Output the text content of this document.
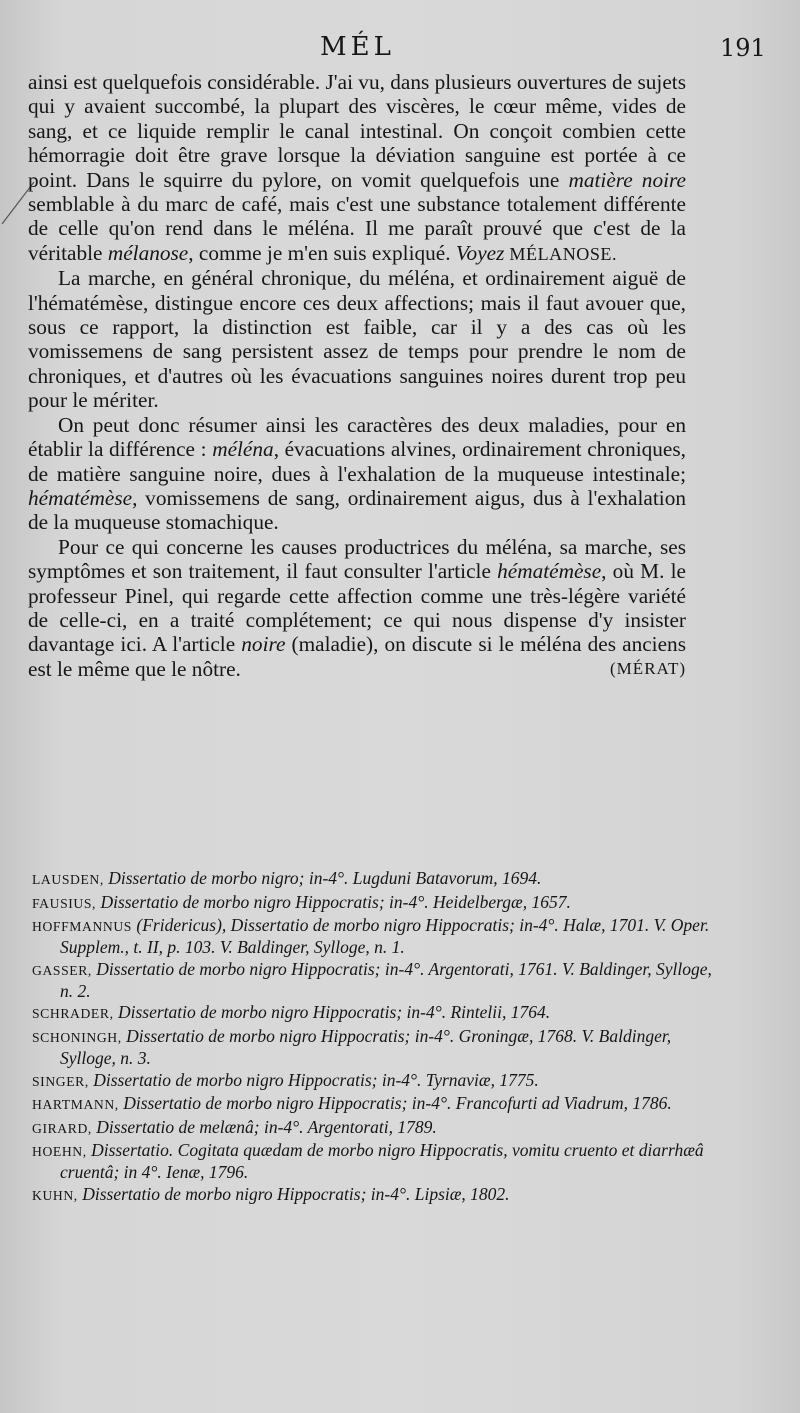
MÉL	191

ainsi est quelquefois considérable. J'ai vu, dans plusieurs ouvertures de sujets qui y avaient succombé, la plupart des viscères, le cœur même, vides de sang, et ce liquide remplir le canal intestinal. On conçoit combien cette hémorragie doit être grave lorsque la déviation sanguine est portée à ce point. Dans le squirre du pylore, on vomit quelquefois une matière noire semblable à du marc de café, mais c'est une substance totalement différente de celle qu'on rend dans le méléna. Il me paraît prouvé que c'est de la véritable mélanose, comme je m'en suis expliqué. Voyez MÉLANOSE.

La marche, en général chronique, du méléna, et ordinairement aiguë de l'hématémèse, distingue encore ces deux affections; mais il faut avouer que, sous ce rapport, la distinction est faible, car il y a des cas où les vomissemens de sang persistent assez de temps pour prendre le nom de chroniques, et d'autres où les évacuations sanguines noires durent trop peu pour le mériter.

On peut donc résumer ainsi les caractères des deux maladies, pour en établir la différence : méléna, évacuations alvines, ordinairement chroniques, de matière sanguine noire, dues à l'exhalation de la muqueuse intestinale; hématémèse, vomissemens de sang, ordinairement aigus, dus à l'exhalation de la muqueuse stomachique.

Pour ce qui concerne les causes productrices du méléna, sa marche, ses symptômes et son traitement, il faut consulter l'article hématémèse, où M. le professeur Pinel, qui regarde cette affection comme une très-légère variété de celle-ci, en a traité complétement; ce qui nous dispense d'y insister davantage ici. A l'article noire (maladie), on discute si le méléna des anciens est le même que le nôtre.	(MÉRAT)

LAUSDEN, Dissertatio de morbo nigro; in-4°. Lugduni Batavorum, 1694.

FAUSIUS, Dissertatio de morbo nigro Hippocratis; in-4°. Heidelbergæ, 1657.

HOFFMANNUS (Fridericus), Dissertatio de morbo nigro Hippocratis; in-4°. Halæ, 1701. V. Oper. Supplem., t. II, p. 103. V. Baldinger, Sylloge, n. 1.

GASSER, Dissertatio de morbo nigro Hippocratis; in-4°. Argentorati, 1761. V. Baldinger, Sylloge, n. 2.

SCHRADER, Dissertatio de morbo nigro Hippocratis; in-4°. Rintelii, 1764.

SCHONINGH, Dissertatio de morbo nigro Hippocratis; in-4°. Groningæ, 1768. V. Baldinger, Sylloge, n. 3.

SINGER, Dissertatio de morbo nigro Hippocratis; in-4°. Tyrnaviæ, 1775.

HARTMANN, Dissertatio de morbo nigro Hippocratis; in-4°. Francofurti ad Viadrum, 1786.

GIRARD, Dissertatio de melænâ; in-4°. Argentorati, 1789.

HOEHN, Dissertatio. Cogitata quædam de morbo nigro Hippocratis, vomitu cruento et diarrhæâ cruentâ; in 4°. Ienæ, 1796.

KUHN, Dissertatio de morbo nigro Hippocratis; in-4°. Lipsiæ, 1802.
